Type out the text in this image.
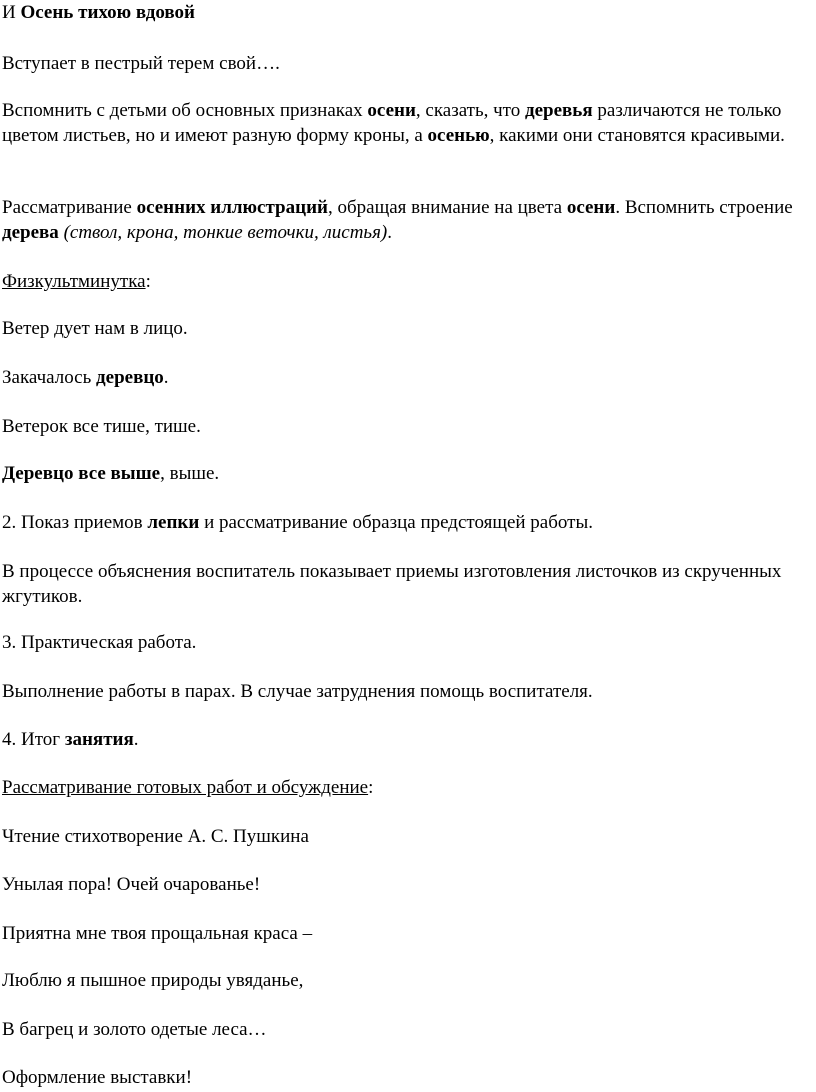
И Осень тихою вдовой

Вступает в пестрый терем свой….

Вспомнить с детьми об основных признаках осени, сказать, что деревья различаются не только цветом листьев, но и имеют разную форму кроны, а осенью, какими они становятся красивыми.

Рассматривание осенних иллюстраций, обращая внимание на цвета осени. Вспомнить строение дерева (ствол, крона, тонкие веточки, листья).

Физкультминутка:

Ветер дует нам в лицо.

Закачалось деревцо.

Ветерок все тише, тише.

Деревцо все выше, выше.

2. Показ приемов лепки и рассматривание образца предстоящей работы.

В процессе объяснения воспитатель показывает приемы изготовления листочков из скрученных жгутиков.

3. Практическая работа.

Выполнение работы в парах. В случае затруднения помощь воспитателя.

4. Итог занятия.

Рассматривание готовых работ и обсуждение:

Чтение стихотворение А. С. Пушкина

Унылая пора! Очей очарованье!

Приятна мне твоя прощальная краса –

Люблю я пышное природы увяданье,

В багрец и золото одетые леса…

Оформление выставки!
